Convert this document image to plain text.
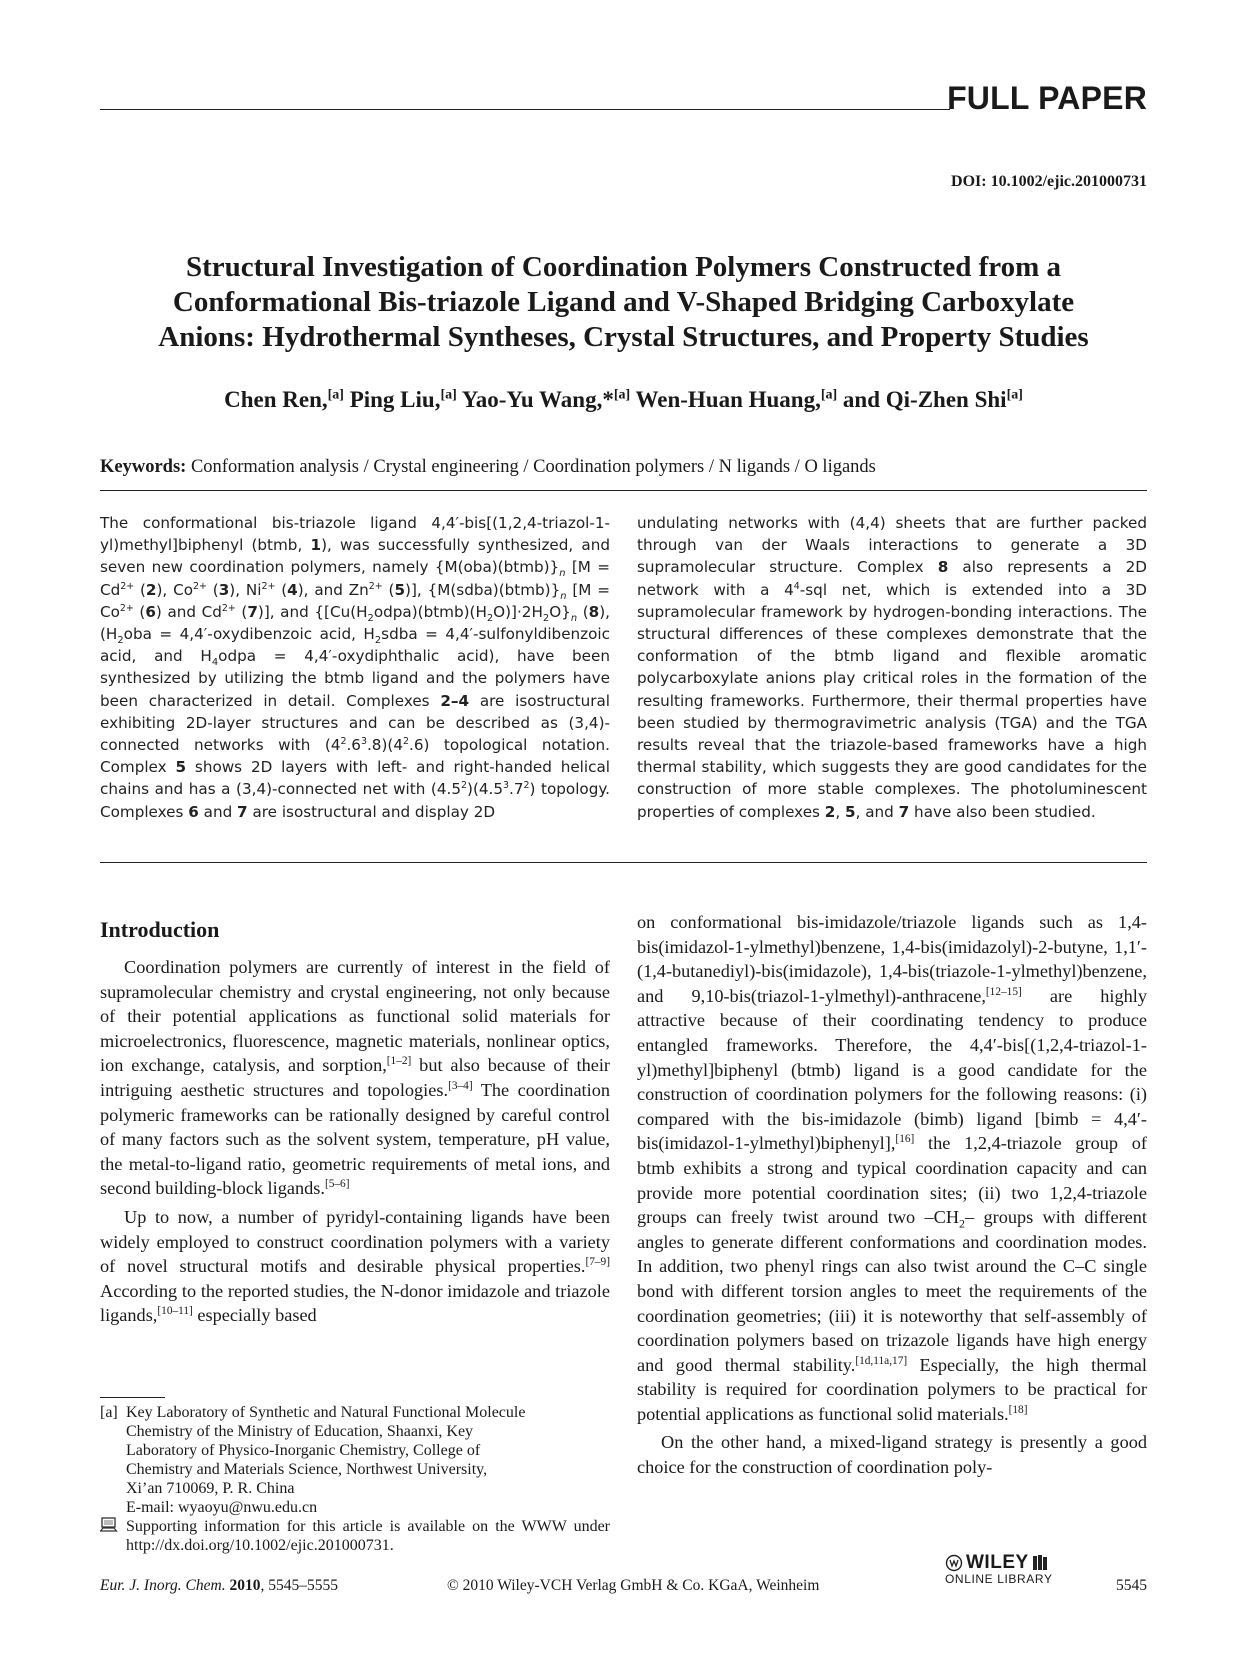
FULL PAPER
DOI: 10.1002/ejic.201000731
Structural Investigation of Coordination Polymers Constructed from a
Conformational Bis-triazole Ligand and V-Shaped Bridging Carboxylate
Anions: Hydrothermal Syntheses, Crystal Structures, and Property Studies
Chen Ren,[a] Ping Liu,[a] Yao-Yu Wang,*[a] Wen-Huan Huang,[a] and Qi-Zhen Shi[a]
Keywords: Conformation analysis / Crystal engineering / Coordination polymers / N ligands / O ligands
The conformational bis-triazole ligand 4,4′-bis[(1,2,4-triazol-1-yl)methyl]biphenyl (btmb, 1), was successfully synthesized, and seven new coordination polymers, namely $\{M(oba)(btmb)\}_n$ [$M = Cd^{2+}$ (2), $Co^{2+}$ (3), $Ni^{2+}$ (4), and $Zn^{2+}$ (5)], $\{M(sdba)(btmb)\}_n$ [$M = Co^{2+}$ (6) and $Cd^{2+}$ (7)], and $\{[Cu(H_2odpa)(btmb)(H_2O)]\cdot 2H_2O\}_n$ (8), ($H_2oba$ = 4,4′-oxydibenzoic acid, $H_2sdba$ = 4,4′-sulfonyldibenzoic acid, and $H_4odpa$ = 4,4′-oxydiphthalic acid), have been synthesized by utilizing the btmb ligand and the polymers have been characterized in detail. Complexes 2–4 are isostructural exhibiting 2D-layer structures and can be described as (3,4)-connected networks with $(4^2.6^3.8)(4^2.6)$ topological notation. Complex 5 shows 2D layers with left- and right-handed helical chains and has a (3,4)-connected net with $(4.5^2)(4.5^3.7^2)$ topology. Complexes 6 and 7 are isostructural and display 2D
undulating networks with (4,4) sheets that are further packed through van der Waals interactions to generate a 3D supramolecular structure. Complex 8 also represents a 2D network with a $4^4$-sql net, which is extended into a 3D supramolecular framework by hydrogen-bonding interactions. The structural differences of these complexes demonstrate that the conformation of the btmb ligand and flexible aromatic polycarboxylate anions play critical roles in the formation of the resulting frameworks. Furthermore, their thermal properties have been studied by thermogravimetric analysis (TGA) and the TGA results reveal that the triazole-based frameworks have a high thermal stability, which suggests they are good candidates for the construction of more stable complexes. The photoluminescent properties of complexes 2, 5, and 7 have also been studied.
Introduction

Coordination polymers are currently of interest in the field of supramolecular chemistry and crystal engineering, not only because of their potential applications as functional solid materials for microelectronics, fluorescence, magnetic materials, nonlinear optics, ion exchange, catalysis, and sorption,[1–2] but also because of their intriguing aesthetic structures and topologies.[3–4] The coordination polymeric frameworks can be rationally designed by careful control of many factors such as the solvent system, temperature, pH value, the metal-to-ligand ratio, geometric requirements of metal ions, and second building-block ligands.[5–6]

Up to now, a number of pyridyl-containing ligands have been widely employed to construct coordination polymers with a variety of novel structural motifs and desirable physical properties.[7–9] According to the reported studies, the N-donor imidazole and triazole ligands,[10–11] especially based

on conformational bis-imidazole/triazole ligands such as 1,4-bis(imidazol-1-ylmethyl)benzene, 1,4-bis(imidazolyl)-2-butyne, 1,1′-(1,4-butanediyl)-bis(imidazole), 1,4-bis(triazole-1-ylmethyl)benzene, and 9,10-bis(triazol-1-ylmethyl)-anthracene,[12–15] are highly attractive because of their coordinating tendency to produce entangled frameworks. Therefore, the 4,4′-bis[(1,2,4-triazol-1-yl)methyl]biphenyl (btmb) ligand is a good candidate for the construction of coordination polymers for the following reasons: (i) compared with the bis-imidazole (bimb) ligand [bimb = 4,4′-bis(imidazol-1-ylmethyl)biphenyl],[16] the 1,2,4-triazole group of btmb exhibits a strong and typical coordination capacity and can provide more potential coordination sites; (ii) two 1,2,4-triazole groups can freely twist around two $-CH_2-$ groups with different angles to generate different conformations and coordination modes. In addition, two phenyl rings can also twist around the C–C single bond with different torsion angles to meet the requirements of the coordination geometries; (iii) it is noteworthy that self-assembly of coordination polymers based on trizazole ligands have high energy and good thermal stability.[1d,11a,17] Especially, the high thermal stability is required for coordination polymers to be practical for potential applications as functional solid materials.[18]

On the other hand, a mixed-ligand strategy is presently a good choice for the construction of coordination poly-

[a] Key Laboratory of Synthetic and Natural Functional Molecule
Chemistry of the Ministry of Education, Shaanxi, Key
Laboratory of Physico-Inorganic Chemistry, College of
Chemistry and Materials Science, Northwest University,
Xi’an 710069, P. R. China
E-mail: wyaoyu@nwu.edu.cn
Supporting information for this article is available on the WWW under http://dx.doi.org/10.1002/ejic.201000731.
Eur. J. Inorg. Chem. 2010, 5545–5555	© 2010 Wiley-VCH Verlag GmbH & Co. KGaA, Weinheim
WILEY
ONLINE LIBRARY	5545
